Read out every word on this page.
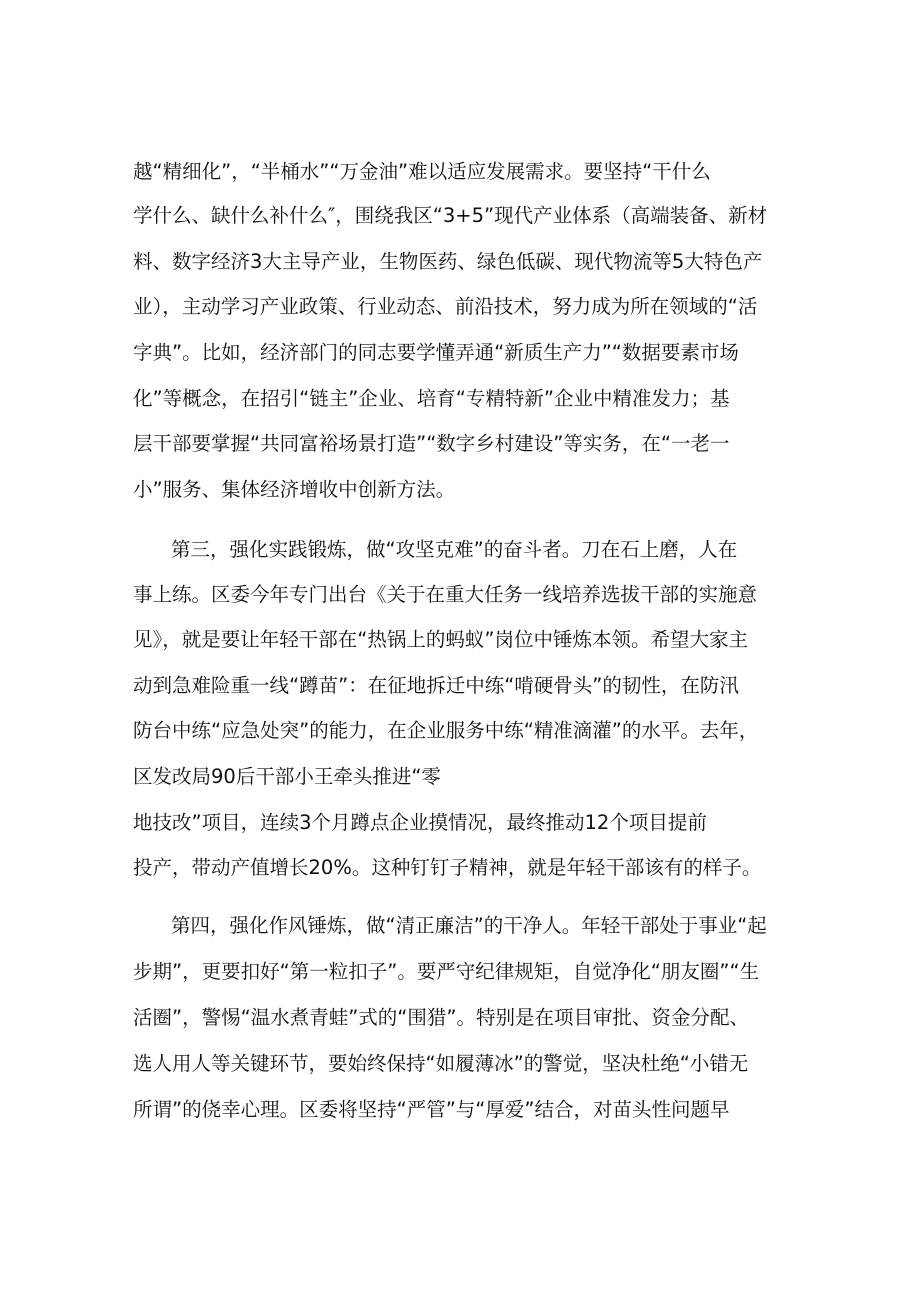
越“精细化”，“半桶水”“万金油”难以适应发展需求。要坚持“干什么
学什么、缺什么补什么″，围绕我区“3+5”现代产业体系（高端装备、新材
料、数字经济3大主导产业，生物医药、绿色低碳、现代物流等5大特色产
业），主动学习产业政策、行业动态、前沿技术，努力成为所在领域的“活
字典”。比如，经济部门的同志要学懂弄通“新质生产力”“数据要素市场
化”等概念，在招引“链主”企业、培育“专精特新”企业中精准发力；基
层干部要掌握“共同富裕场景打造”“数字乡村建设”等实务，在“一老一
小”服务、集体经济增收中创新方法。
第三，强化实践锻炼，做“攻坚克难”的奋斗者。刀在石上磨，人在
事上练。区委今年专门出台《关于在重大任务一线培养选拔干部的实施意
见》，就是要让年轻干部在“热锅上的蚂蚁”岗位中锤炼本领。希望大家主
动到急难险重一线“蹲苗”：在征地拆迁中练“啃硬骨头”的韧性，在防汛
防台中练“应急处突”的能力，在企业服务中练“精准滴灌”的水平。去年，
区发改局90后干部小王牵头推进“零
地技改”项目，连续3个月蹲点企业摸情况，最终推动12个项目提前
投产，带动产值增长20%。这种钉钉子精神，就是年轻干部该有的样子。
第四，强化作风锤炼，做“清正廉洁”的干净人。年轻干部处于事业“起
步期”，更要扣好“第一粒扣子”。要严守纪律规矩，自觉净化“朋友圈”“生
活圈”，警惕“温水煮青蛙”式的“围猎”。特别是在项目审批、资金分配、
选人用人等关键环节，要始终保持“如履薄冰”的警觉，坚决杜绝“小错无
所谓”的侥幸心理。区委将坚持“严管”与“厚爱”结合，对苗头性问题早
